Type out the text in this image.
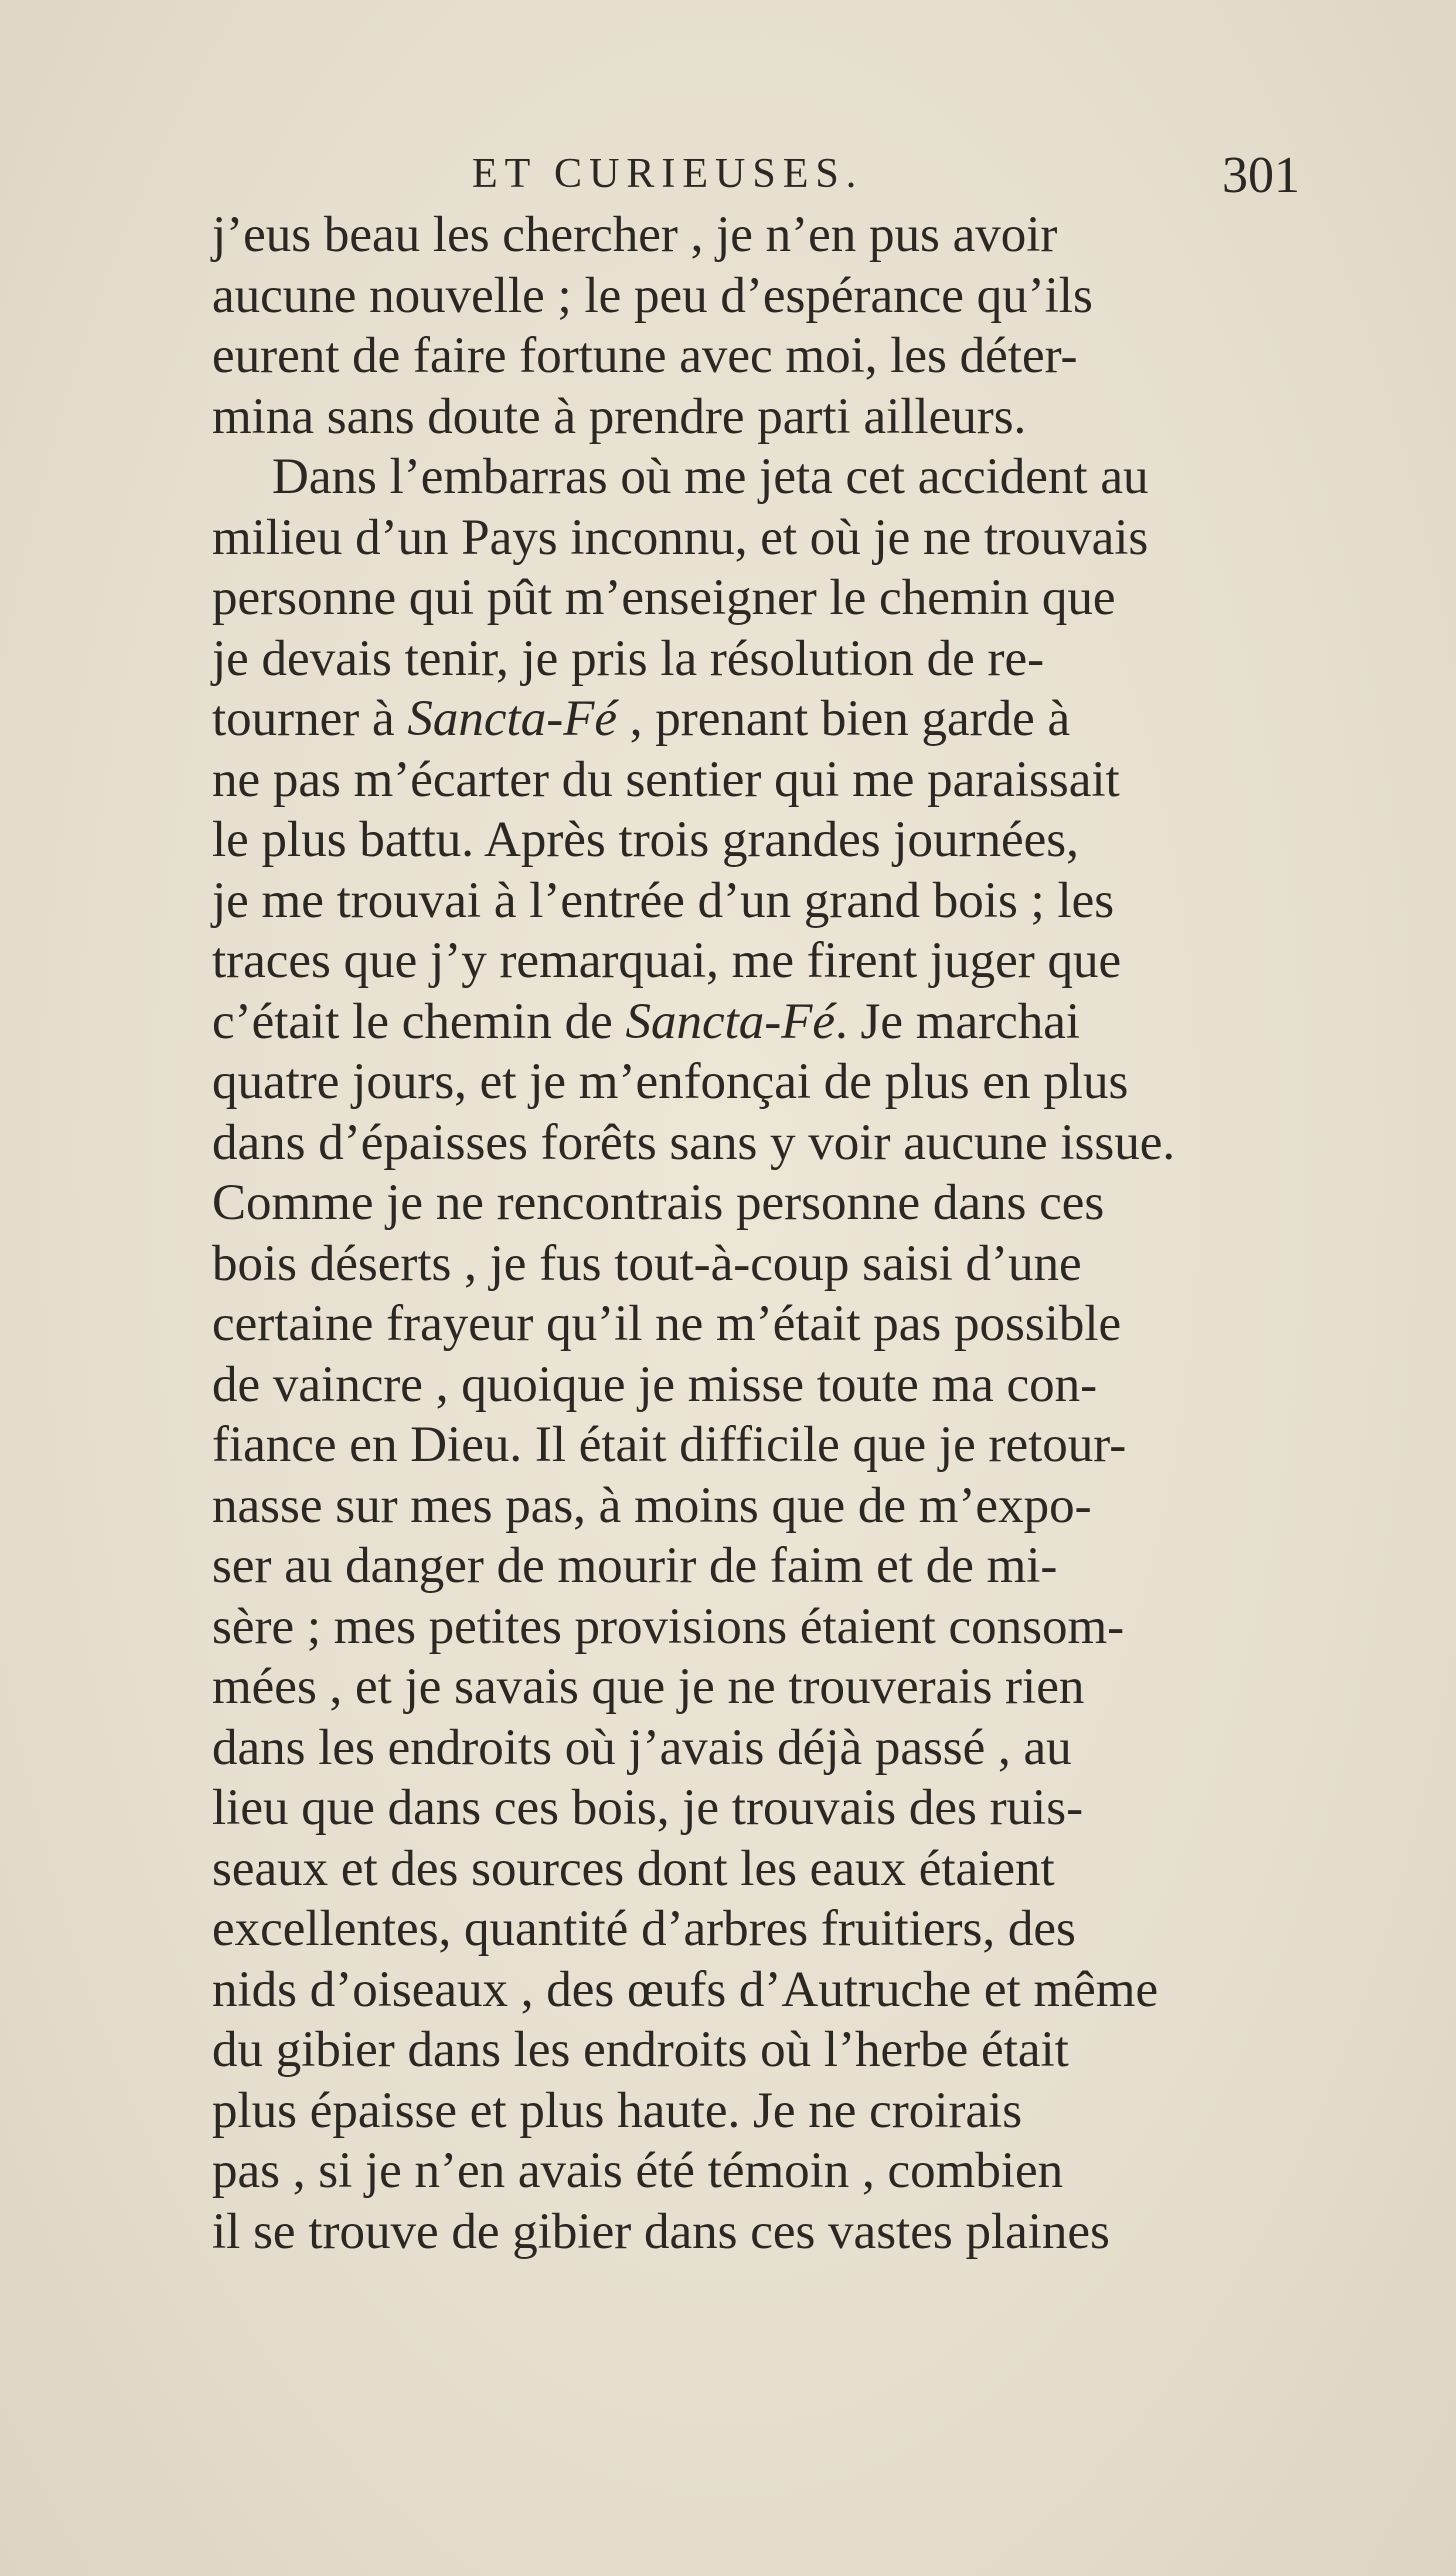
ET CURIEUSES.	301
j’eus beau les chercher , je n’en pus avoir
aucune nouvelle ; le peu d’espérance qu’ils
eurent de faire fortune avec moi, les déter-
mina sans doute à prendre parti ailleurs.
Dans l’embarras où me jeta cet accident au
milieu d’un Pays inconnu, et où je ne trouvais
personne qui pût m’enseigner le chemin que
je devais tenir, je pris la résolution de re-
tourner à Sancta-Fé , prenant bien garde à
ne pas m’écarter du sentier qui me paraissait
le plus battu. Après trois grandes journées,
je me trouvai à l’entrée d’un grand bois ; les
traces que j’y remarquai, me firent juger que
c’était le chemin de Sancta-Fé. Je marchai
quatre jours, et je m’enfonçai de plus en plus
dans d’épaisses forêts sans y voir aucune issue.
Comme je ne rencontrais personne dans ces
bois déserts , je fus tout-à-coup saisi d’une
certaine frayeur qu’il ne m’était pas possible
de vaincre , quoique je misse toute ma con-
fiance en Dieu. Il était difficile que je retour-
nasse sur mes pas, à moins que de m’expo-
ser au danger de mourir de faim et de mi-
sère ; mes petites provisions étaient consom-
mées , et je savais que je ne trouverais rien
dans les endroits où j’avais déjà passé , au
lieu que dans ces bois, je trouvais des ruis-
seaux et des sources dont les eaux étaient
excellentes, quantité d’arbres fruitiers, des
nids d’oiseaux , des œufs d’Autruche et même
du gibier dans les endroits où l’herbe était
plus épaisse et plus haute. Je ne croirais
pas , si je n’en avais été témoin , combien
il se trouve de gibier dans ces vastes plaines
